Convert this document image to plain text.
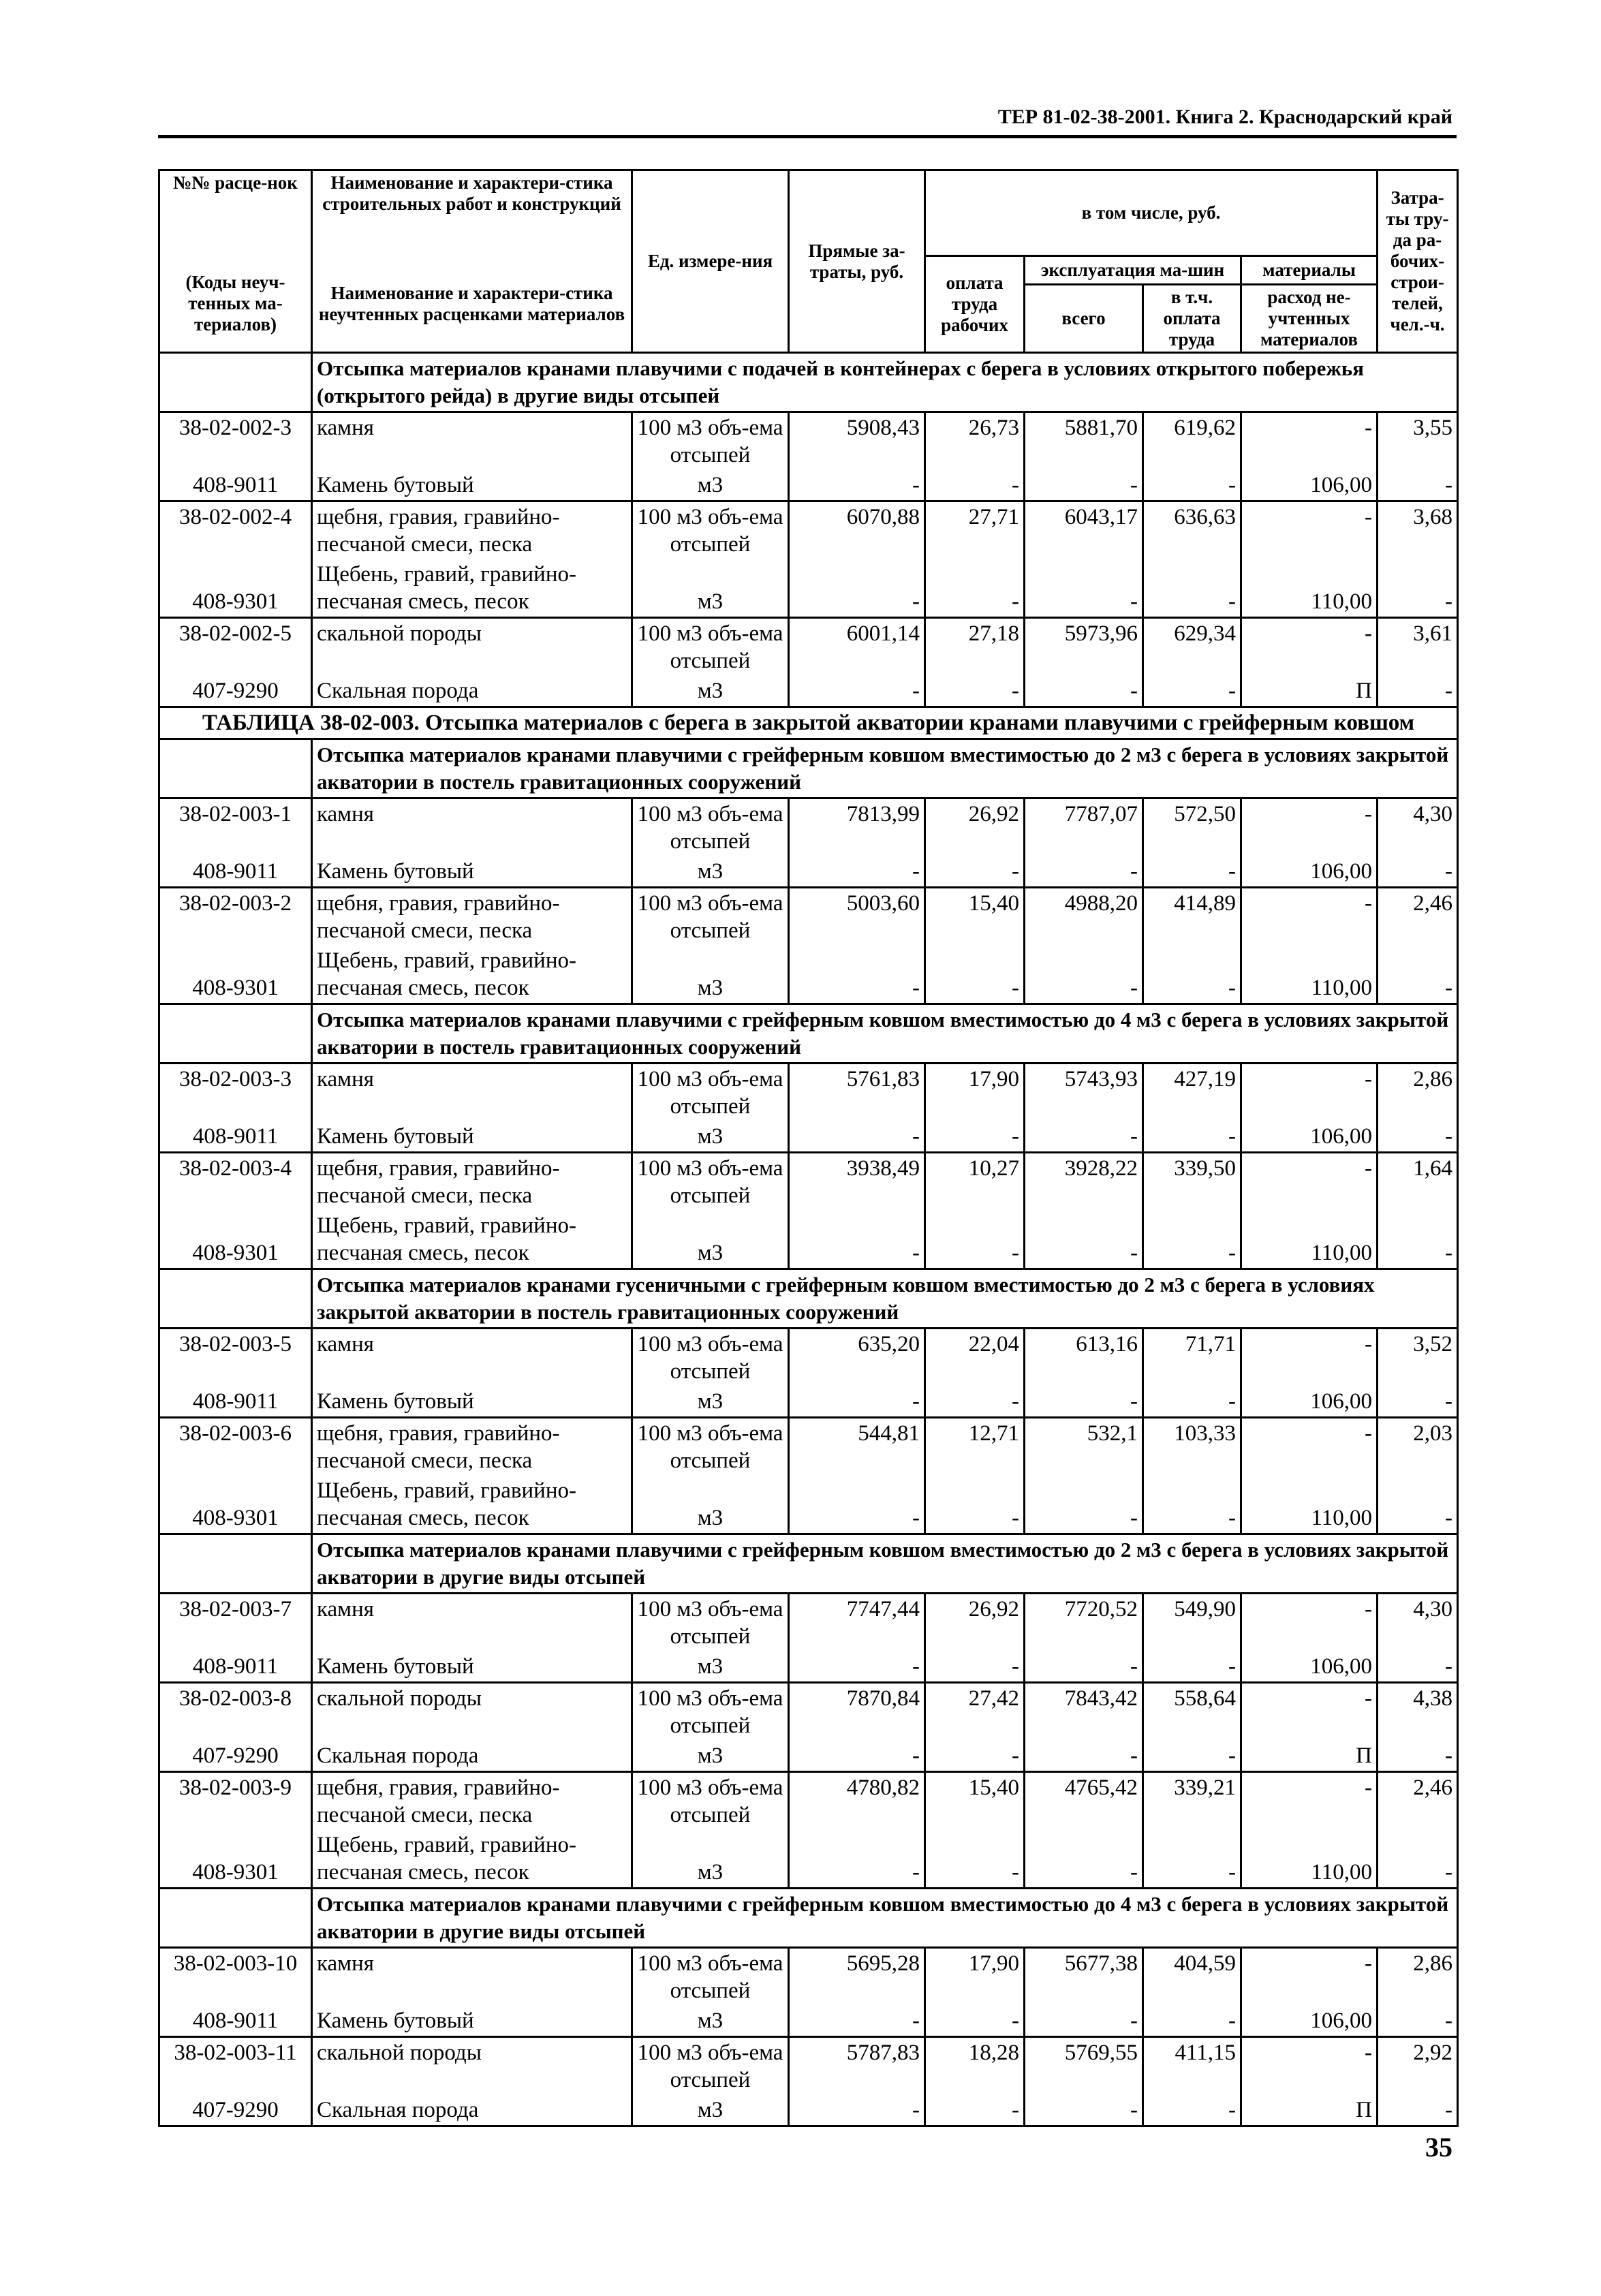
ТЕР 81-02-38-2001. Книга 2. Краснодарский край
№№ расце-нок	Наименование и характери-стика строительных работ и конструкций	Ед. измере-ния	Прямые за-траты, руб.	в том числе, руб.				Затра-ты тру-да ра-бочих-строи-телей, чел.-ч.
(Коды неуч-тенных ма-териалов)	Наименование и характери-стика неучтенных расценками материалов			оплата труда рабочих	эксплуатация ма-шин		материалы	
					всего	в т.ч. оплата труда	расход не-учтенных материалов	

	Отсыпка материалов кранами плавучими с подачей в контейнерах с берега в условиях открытого побережья (открытого рейда) в другие виды отсыпей							
38-02-002-3	камня	100 м3 объ-ема отсыпей	5908,43	26,73	5881,70	619,62	-	3,55
408-9011	Камень бутовый	м3	-	-	-	-	106,00	-
38-02-002-4	щебня, гравия, гравийно-песчаной смеси, песка	100 м3 объ-ема отсыпей	6070,88	27,71	6043,17	636,63	-	3,68
408-9301	Щебень, гравий, гравийно-песчаная смесь, песок	м3	-	-	-	-	110,00	-
38-02-002-5	скальной породы	100 м3 объ-ема отсыпей	6001,14	27,18	5973,96	629,34	-	3,61
407-9290	Скальная порода	м3	-	-	-	-	П	-
ТАБЛИЦА 38-02-003. Отсыпка материалов с берега в закрытой акватории кранами плавучими с грейферным ковшом								
	Отсыпка материалов кранами плавучими с грейферным ковшом вместимостью до 2 м3 с берега в условиях закрытой акватории в постель гравитационных сооружений							
38-02-003-1	камня	100 м3 объ-ема отсыпей	7813,99	26,92	7787,07	572,50	-	4,30
408-9011	Камень бутовый	м3	-	-	-	-	106,00	-
38-02-003-2	щебня, гравия, гравийно-песчаной смеси, песка	100 м3 объ-ема отсыпей	5003,60	15,40	4988,20	414,89	-	2,46
408-9301	Щебень, гравий, гравийно-песчаная смесь, песок	м3	-	-	-	-	110,00	-
	Отсыпка материалов кранами плавучими с грейферным ковшом вместимостью до 4 м3 с берега в условиях закрытой акватории в постель гравитационных сооружений							
38-02-003-3	камня	100 м3 объ-ема отсыпей	5761,83	17,90	5743,93	427,19	-	2,86
408-9011	Камень бутовый	м3	-	-	-	-	106,00	-
38-02-003-4	щебня, гравия, гравийно-песчаной смеси, песка	100 м3 объ-ема отсыпей	3938,49	10,27	3928,22	339,50	-	1,64
408-9301	Щебень, гравий, гравийно-песчаная смесь, песок	м3	-	-	-	-	110,00	-
	Отсыпка материалов кранами гусеничными с грейферным ковшом вместимостью до 2 м3 с берега в условиях закрытой акватории в постель гравитационных сооружений							
38-02-003-5	камня	100 м3 объ-ема отсыпей	635,20	22,04	613,16	71,71	-	3,52
408-9011	Камень бутовый	м3	-	-	-	-	106,00	-
38-02-003-6	щебня, гравия, гравийно-песчаной смеси, песка	100 м3 объ-ема отсыпей	544,81	12,71	532,1	103,33	-	2,03
408-9301	Щебень, гравий, гравийно-песчаная смесь, песок	м3	-	-	-	-	110,00	-
	Отсыпка материалов кранами плавучими с грейферным ковшом вместимостью до 2 м3 с берега в условиях закрытой акватории в другие виды отсыпей							
38-02-003-7	камня	100 м3 объ-ема отсыпей	7747,44	26,92	7720,52	549,90	-	4,30
408-9011	Камень бутовый	м3	-	-	-	-	106,00	-
38-02-003-8	скальной породы	100 м3 объ-ема отсыпей	7870,84	27,42	7843,42	558,64	-	4,38
407-9290	Скальная порода	м3	-	-	-	-	П	-
38-02-003-9	щебня, гравия, гравийно-песчаной смеси, песка	100 м3 объ-ема отсыпей	4780,82	15,40	4765,42	339,21	-	2,46
408-9301	Щебень, гравий, гравийно-песчаная смесь, песок	м3	-	-	-	-	110,00	-
	Отсыпка материалов кранами плавучими с грейферным ковшом вместимостью до 4 м3 с берега в условиях закрытой акватории в другие виды отсыпей							
38-02-003-10	камня	100 м3 объ-ема отсыпей	5695,28	17,90	5677,38	404,59	-	2,86
408-9011	Камень бутовый	м3	-	-	-	-	106,00	-
38-02-003-11	скальной породы	100 м3 объ-ема отсыпей	5787,83	18,28	5769,55	411,15	-	2,92
407-9290	Скальная порода	м3	-	-	-	-	П	-
35
